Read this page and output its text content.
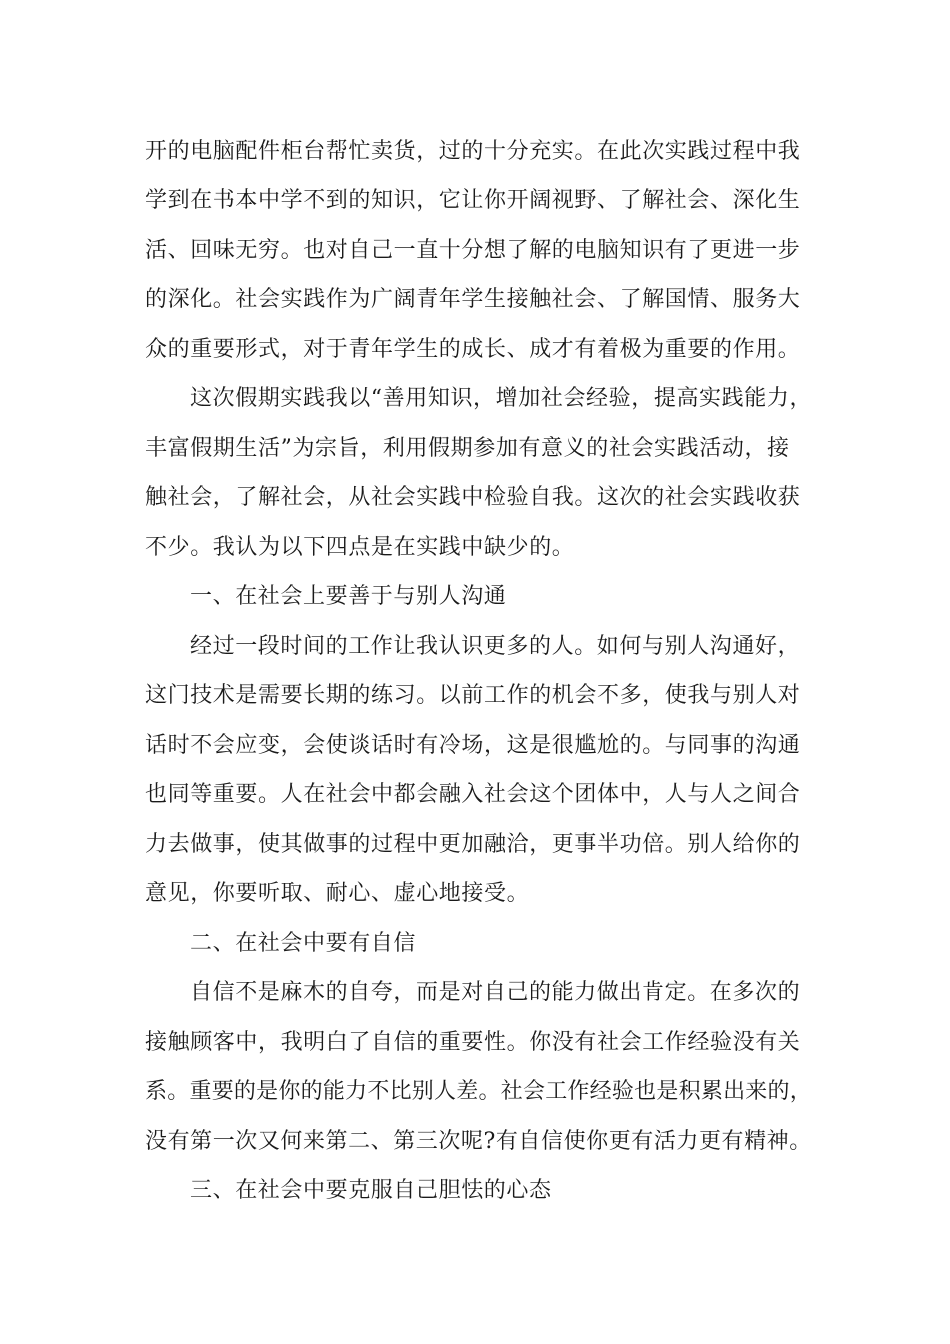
开的电脑配件柜台帮忙卖货，过的十分充实。在此次实践过程中我
学到在书本中学不到的知识，它让你开阔视野、了解社会、深化生
活、回味无穷。也对自己一直十分想了解的电脑知识有了更进一步
的深化。社会实践作为广阔青年学生接触社会、了解国情、服务大
众的重要形式，对于青年学生的成长、成才有着极为重要的作用。
这次假期实践我以“善用知识，增加社会经验，提高实践能力，
丰富假期生活”为宗旨，利用假期参加有意义的社会实践活动，接
触社会，了解社会，从社会实践中检验自我。这次的社会实践收获
不少。我认为以下四点是在实践中缺少的。
一、在社会上要善于与别人沟通
经过一段时间的工作让我认识更多的人。如何与别人沟通好，
这门技术是需要长期的练习。以前工作的机会不多，使我与别人对
话时不会应变，会使谈话时有冷场，这是很尴尬的。与同事的沟通
也同等重要。人在社会中都会融入社会这个团体中，人与人之间合
力去做事，使其做事的过程中更加融洽，更事半功倍。别人给你的
意见，你要听取、耐心、虚心地接受。
二、在社会中要有自信
自信不是麻木的自夸，而是对自己的能力做出肯定。在多次的
接触顾客中，我明白了自信的重要性。你没有社会工作经验没有关
系。重要的是你的能力不比别人差。社会工作经验也是积累出来的，
没有第一次又何来第二、第三次呢?有自信使你更有活力更有精神。
三、在社会中要克服自己胆怯的心态
